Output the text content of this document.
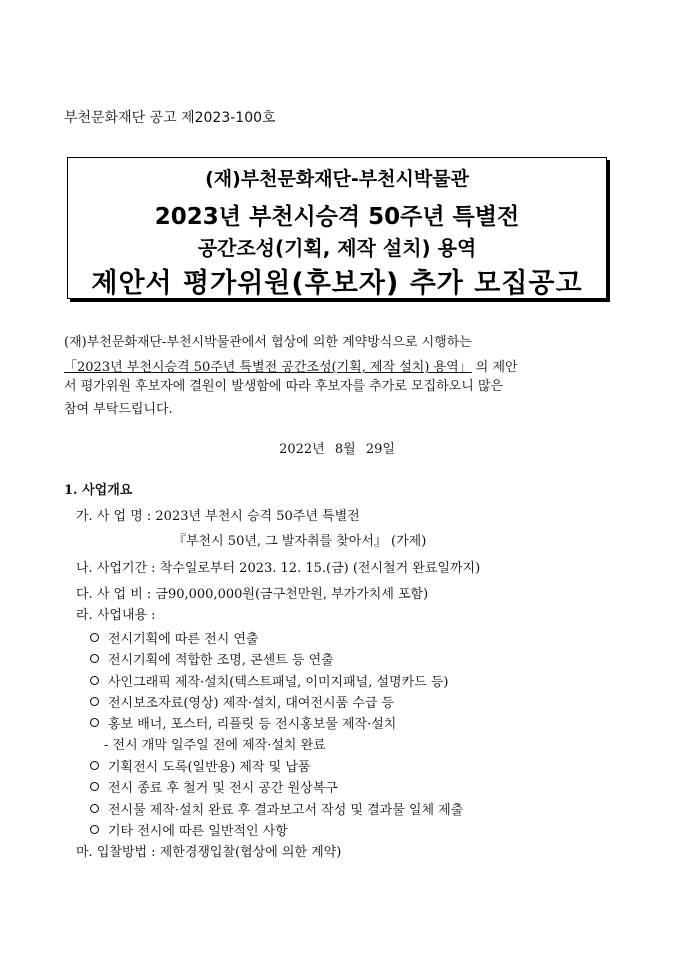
부천문화재단 공고 제2023-100호
(재)부천문화재단-부천시박물관
2023년 부천시승격 50주년 특별전
공간조성(기획, 제작 설치) 용역
제안서 평가위원(후보자) 추가 모집공고
(재)부천문화재단-부천시박물관에서 협상에 의한 계약방식으로 시행하는
「2023년 부천시승격 50주년 특별전 공간조성(기획, 제작 설치) 용역」 의 제안
서 평가위원 후보자에 결원이 발생함에 따라 후보자를 추가로 모집하오니 많은
참여 부탁드립니다.
2022년 8월 29일
1. 사업개요
가. 사 업 명 : 2023년 부천시 승격 50주년 특별전
『부천시 50년, 그 발자취를 찾아서』 (가제)
나. 사업기간 : 착수일로부터 2023. 12. 15.(금) (전시철거 완료일까지)
다. 사 업 비 : 금90,000,000원(금구천만원, 부가가치세 포함)
라. 사업내용 :
전시기획에 따른 전시 연출
전시기획에 적합한 조명, 콘센트 등 연출
사인그래픽 제작·설치(텍스트패널, 이미지패널, 설명카드 등)
전시보조자료(영상) 제작·설치, 대여전시품 수급 등
홍보 배너, 포스터, 리플릿 등 전시홍보물 제작·설치
- 전시 개막 일주일 전에 제작·설치 완료
기획전시 도록(일반용) 제작 및 납품
전시 종료 후 철거 및 전시 공간 원상복구
전시물 제작·설치 완료 후 결과보고서 작성 및 결과물 일체 제출
기타 전시에 따른 일반적인 사항
마. 입찰방법 : 제한경쟁입찰(협상에 의한 계약)
